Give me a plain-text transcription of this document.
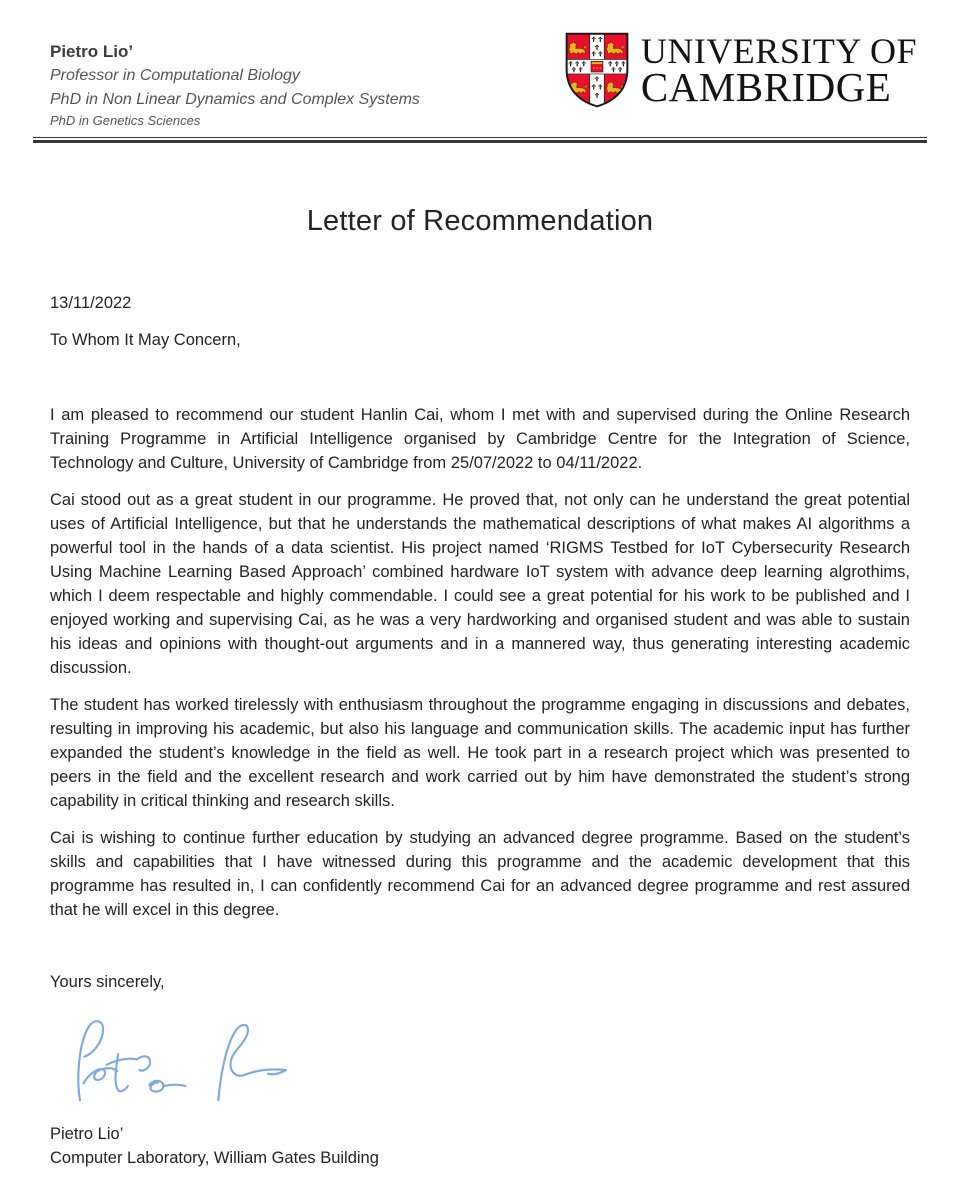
Pietro Lio’
Professor in Computational Biology
PhD in Non Linear Dynamics and Complex Systems
PhD in Genetics Sciences
UNIVERSITY OF
CAMBRIDGE
Letter of Recommendation
13/11/2022
To Whom It May Concern,

I am pleased to recommend our student Hanlin Cai, whom I met with and supervised during the Online Research Training Programme in Artificial Intelligence organised by Cambridge Centre for the Integration of Science, Technology and Culture, University of Cambridge from 25/07/2022 to 04/11/2022.

Cai stood out as a great student in our programme. He proved that, not only can he understand the great potential uses of Artificial Intelligence, but that he understands the mathematical descriptions of what makes AI algorithms a powerful tool in the hands of a data scientist. His project named ‘RIGMS Testbed for IoT Cybersecurity Research Using Machine Learning Based Approach’ combined hardware IoT system with advance deep learning algrothims, which I deem respectable and highly commendable. I could see a great potential for his work to be published and I enjoyed working and supervising Cai, as he was a very hardworking and organised student and was able to sustain his ideas and opinions with thought-out arguments and in a mannered way, thus generating interesting academic discussion.

The student has worked tirelessly with enthusiasm throughout the programme engaging in discussions and debates, resulting in improving his academic, but also his language and communication skills. The academic input has further expanded the student’s knowledge in the field as well. He took part in a research project which was presented to peers in the field and the excellent research and work carried out by him have demonstrated the student’s strong capability in critical thinking and research skills.

Cai is wishing to continue further education by studying an advanced degree programme. Based on the student’s skills and capabilities that I have witnessed during this programme and the academic development that this programme has resulted in, I can confidently recommend Cai for an advanced degree programme and rest assured that he will excel in this degree.

Yours sincerely,
Pietro Lio’
Computer Laboratory, William Gates Building
